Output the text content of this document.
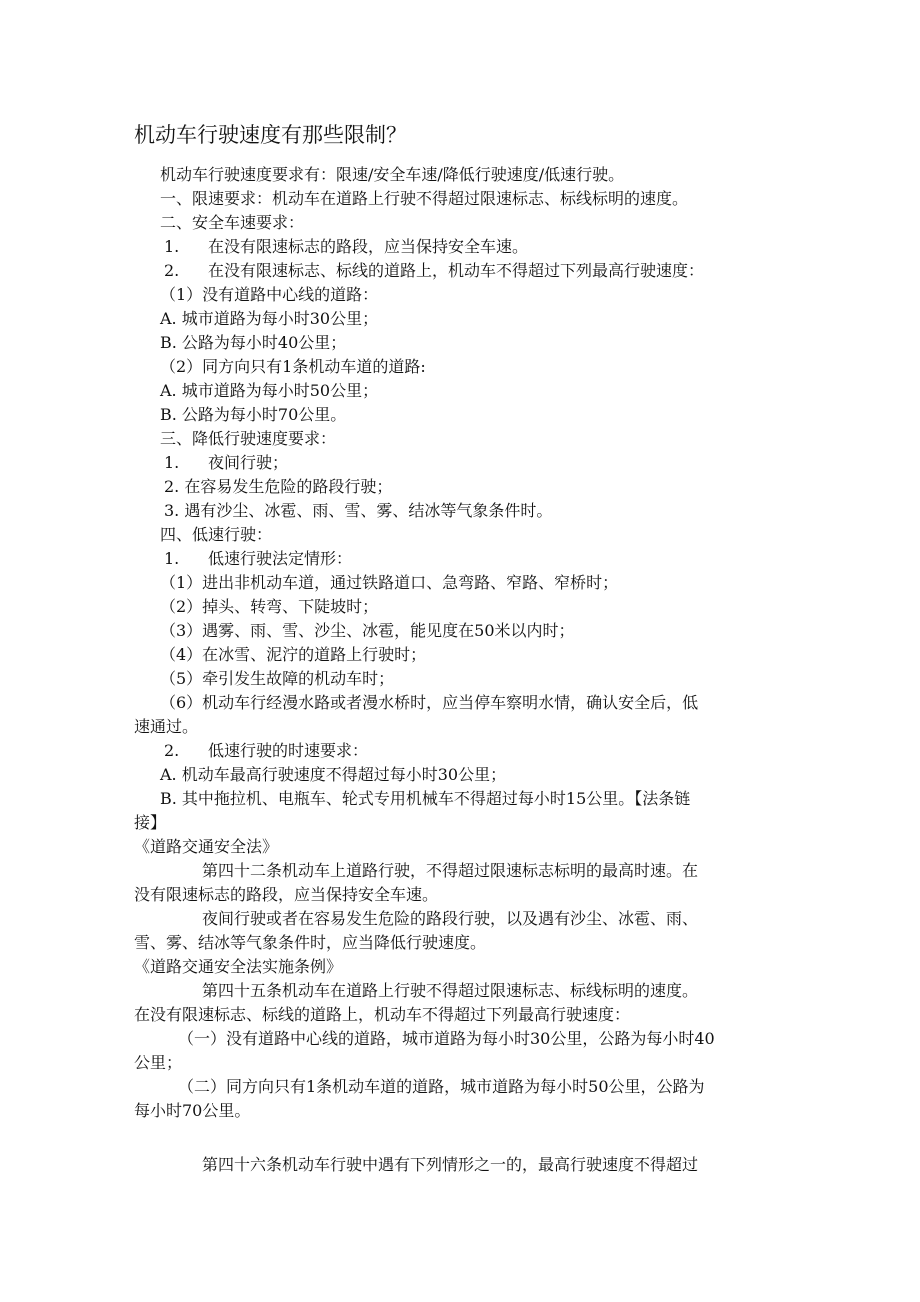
机动车行驶速度有那些限制？
机动车行驶速度要求有：限速/安全车速/降低行驶速度/低速行驶。
一、限速要求：机动车在道路上行驶不得超过限速标志、标线标明的速度。
二、安全车速要求：
1. 在没有限速标志的路段，应当保持安全车速。
2. 在没有限速标志、标线的道路上，机动车不得超过下列最高行驶速度：
（1）没有道路中心线的道路：
A. 城市道路为每小时30公里；
B. 公路为每小时40公里；
（2）同方向只有1条机动车道的道路:
A. 城市道路为每小时50公里；
B. 公路为每小时70公里。
三、降低行驶速度要求：
1. 夜间行驶；
2. 在容易发生危险的路段行驶；
3. 遇有沙尘、冰雹、雨、雪、雾、结冰等气象条件时。
四、低速行驶：
1. 低速行驶法定情形：
（1）进出非机动车道，通过铁路道口、急弯路、窄路、窄桥时；
（2）掉头、转弯、下陡坡时；
（3）遇雾、雨、雪、沙尘、冰雹，能见度在50米以内时；
（4）在冰雪、泥泞的道路上行驶时；
（5）牵引发生故障的机动车时；
（6）机动车行经漫水路或者漫水桥时，应当停车察明水情，确认安全后，低
速通过。
2. 低速行驶的时速要求：
A. 机动车最高行驶速度不得超过每小时30公里；
B. 其中拖拉机、电瓶车、轮式专用机械车不得超过每小时15公里。【法条链
接】
《道路交通安全法》
第四十二条机动车上道路行驶，不得超过限速标志标明的最高时速。在
没有限速标志的路段，应当保持安全车速。
夜间行驶或者在容易发生危险的路段行驶，以及遇有沙尘、冰雹、雨、
雪、雾、结冰等气象条件时，应当降低行驶速度。
《道路交通安全法实施条例》
第四十五条机动车在道路上行驶不得超过限速标志、标线标明的速度。
在没有限速标志、标线的道路上，机动车不得超过下列最高行驶速度：
（一）没有道路中心线的道路，城市道路为每小时30公里，公路为每小时40
公里；
（二）同方向只有1条机动车道的道路，城市道路为每小时50公里，公路为
每小时70公里。
第四十六条机动车行驶中遇有下列情形之一的，最高行驶速度不得超过
